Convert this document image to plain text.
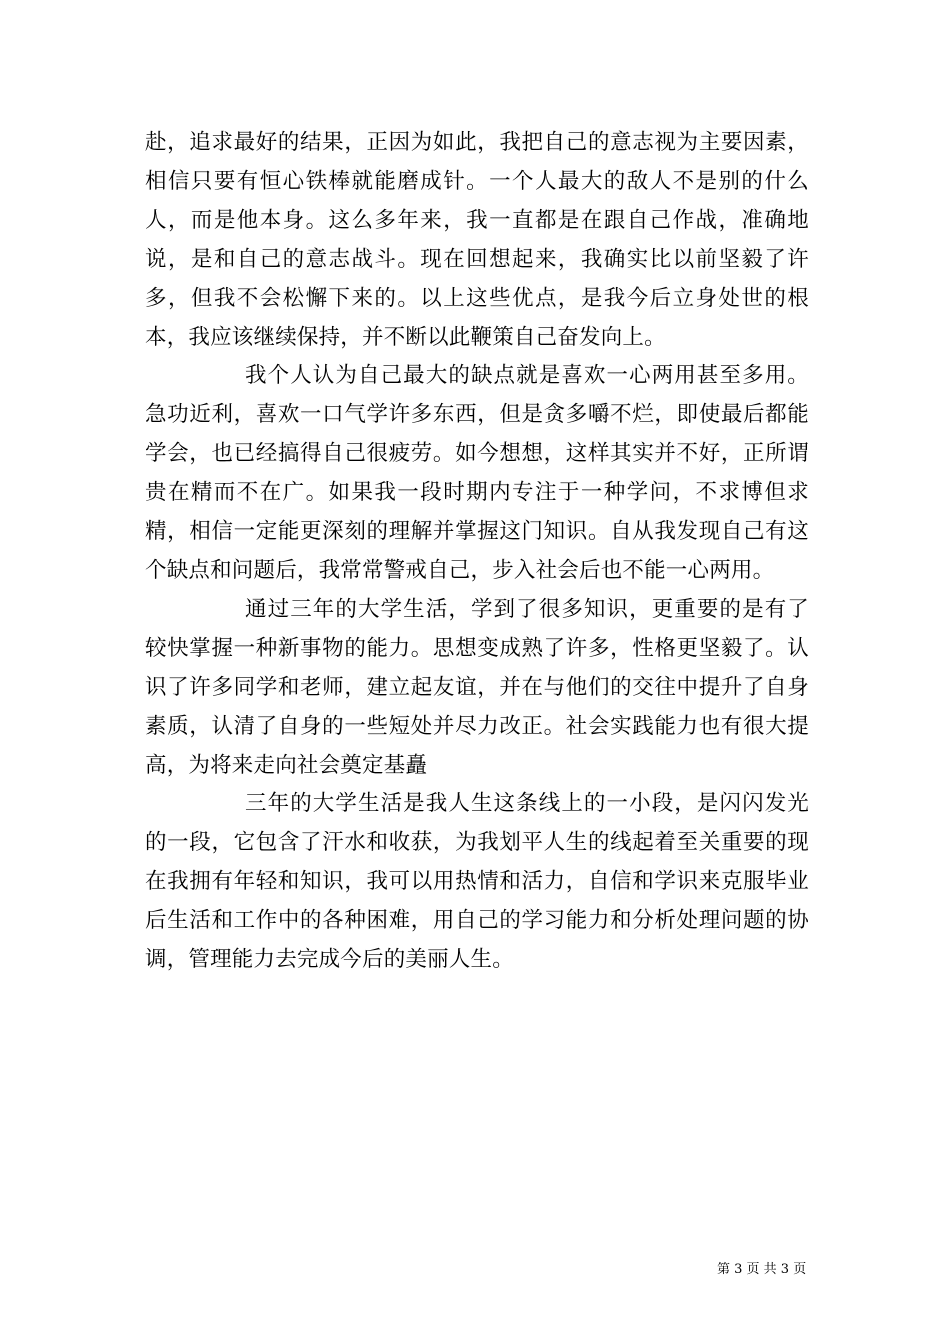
赴，追求最好的结果，正因为如此，我把自己的意志视为主要因素，相信只要有恒心铁棒就能磨成针。一个人最大的敌人不是别的什么人，而是他本身。这么多年来，我一直都是在跟自己作战，准确地说，是和自己的意志战斗。现在回想起来，我确实比以前坚毅了许多，但我不会松懈下来的。以上这些优点，是我今后立身处世的根本，我应该继续保持，并不断以此鞭策自己奋发向上。

我个人认为自己最大的缺点就是喜欢一心两用甚至多用。急功近利，喜欢一口气学许多东西，但是贪多嚼不烂，即使最后都能学会，也已经搞得自己很疲劳。如今想想，这样其实并不好，正所谓贵在精而不在广。如果我一段时期内专注于一种学问，不求博但求精，相信一定能更深刻的理解并掌握这门知识。自从我发现自己有这个缺点和问题后，我常常警戒自己，步入社会后也不能一心两用。

通过三年的大学生活，学到了很多知识，更重要的是有了较快掌握一种新事物的能力。思想变成熟了许多，性格更坚毅了。认识了许多同学和老师，建立起友谊，并在与他们的交往中提升了自身素质，认清了自身的一些短处并尽力改正。社会实践能力也有很大提高，为将来走向社会奠定基矗

三年的大学生活是我人生这条线上的一小段，是闪闪发光的一段，它包含了汗水和收获，为我划平人生的线起着至关重要的现在我拥有年轻和知识，我可以用热情和活力，自信和学识来克服毕业后生活和工作中的各种困难，用自己的学习能力和分析处理问题的协调，管理能力去完成今后的美丽人生。

第 3 页 共 3 页
